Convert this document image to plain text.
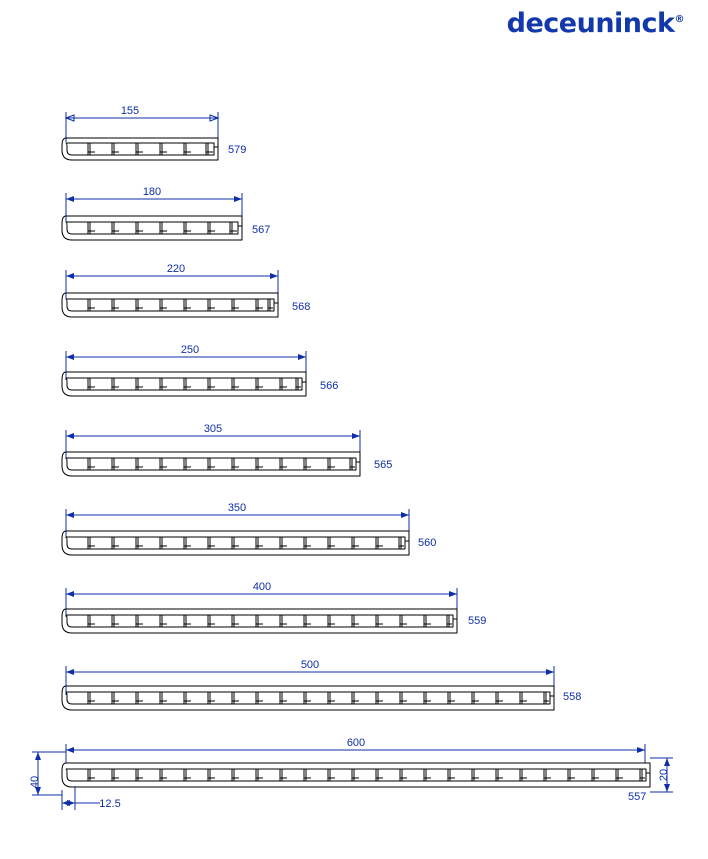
deceuninck®
579
155
567
180
568
220
566
250
565
305
560
350
559
400
558
500
40
20
12.5
557
600
